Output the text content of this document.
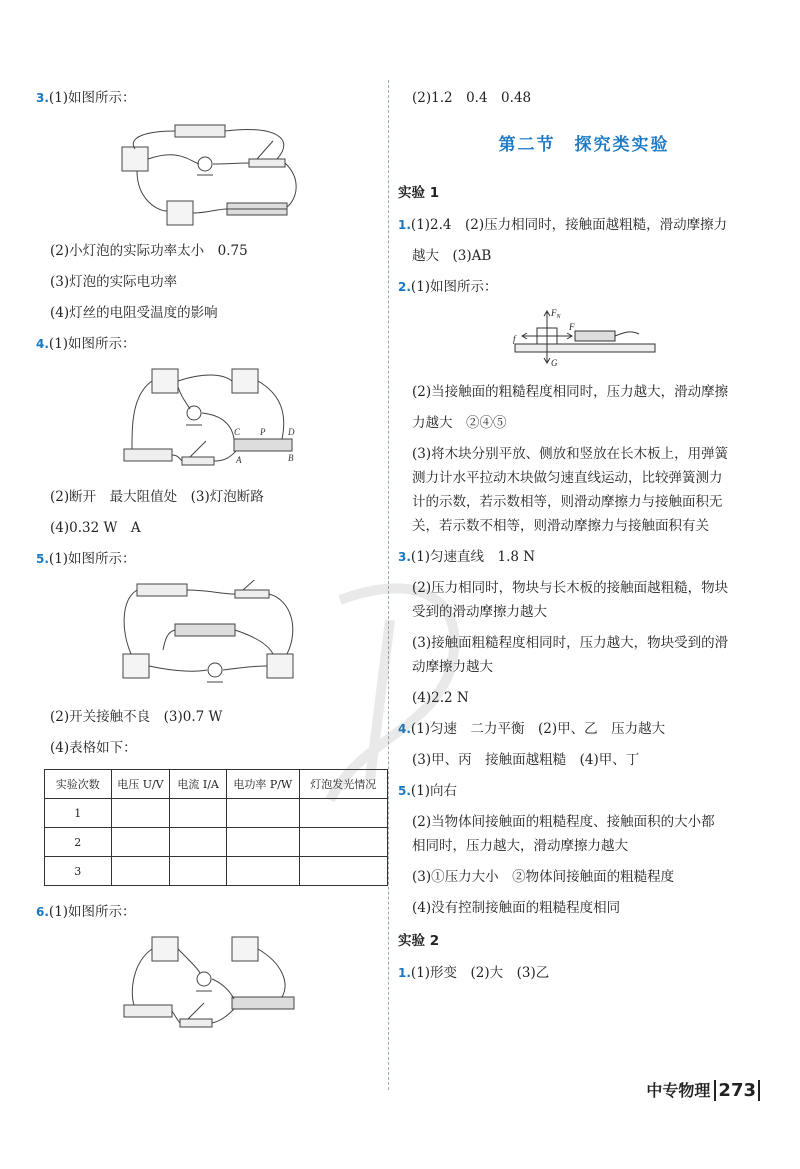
3.(1)如图所示：

(2)小灯泡的实际功率太小　0.75

(3)灯泡的实际电功率

(4)灯丝的电阻受温度的影响

4.(1)如图所示：

C P	D
B
A

(2)断开　最大阻值处　(3)灯泡断路

(4)0.32 W　A

5.(1)如图所示：

(2)开关接触不良　(3)0.7 W

(4)表格如下：

实验次数	电压 U/V	电流 I/A	电功率 P/W	灯泡发光情况
1				
2				
3				

6.(1)如图所示：

(2)1.2　0.4　0.48

第二节　探究类实验
实验 1

1.(1)2.4　(2)压力相同时，接触面越粗糙，滑动摩擦力

越大　(3)AB

2.(1)如图所示：

$F_N$
F
f
G

(2)当接触面的粗糙程度相同时，压力越大，滑动摩擦

力越大　②④⑤

(3)将木块分别平放、侧放和竖放在长木板上，用弹簧

测力计水平拉动木块做匀速直线运动，比较弹簧测力

计的示数，若示数相等，则滑动摩擦力与接触面积无

关，若示数不相等，则滑动摩擦力与接触面积有关

3.(1)匀速直线　1.8 N

(2)压力相同时，物块与长木板的接触面越粗糙，物块

受到的滑动摩擦力越大

(3)接触面粗糙程度相同时，压力越大，物块受到的滑

动摩擦力越大

(4)2.2 N

4.(1)匀速　二力平衡　(2)甲、乙　压力越大

(3)甲、丙　接触面越粗糙　(4)甲、丁

5.(1)向右

(2)当物体间接触面的粗糙程度、接触面积的大小都

相同时，压力越大，滑动摩擦力越大

(3)①压力大小　②物体间接触面的粗糙程度

(4)没有控制接触面的粗糙程度相同

实验 2

1.(1)形变　(2)大　(3)乙

中专物理 273
